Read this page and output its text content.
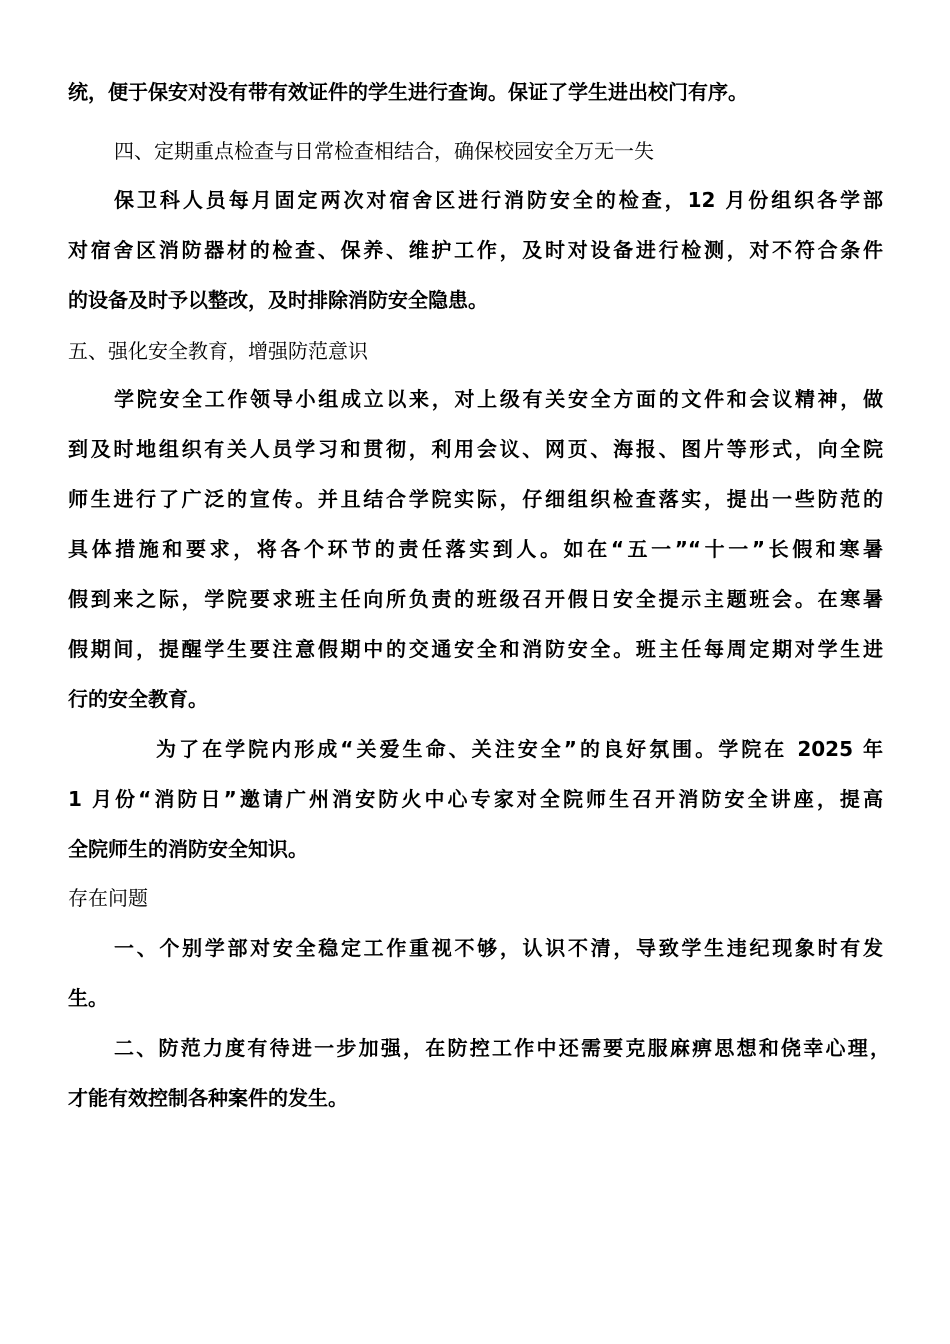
统，便于保安对没有带有效证件的学生进行查询。保证了学生进出校门有序。
四、定期重点检查与日常检查相结合，确保校园安全万无一失
保卫科人员每月固定两次对宿舍区进行消防安全的检查，12 月份组织各学部
对宿舍区消防器材的检查、保养、维护工作，及时对设备进行检测，对不符合条件
的设备及时予以整改，及时排除消防安全隐患。
五、强化安全教育，增强防范意识
学院安全工作领导小组成立以来，对上级有关安全方面的文件和会议精神，做
到及时地组织有关人员学习和贯彻，利用会议、网页、海报、图片等形式，向全院
师生进行了广泛的宣传。并且结合学院实际，仔细组织检查落实，提出一些防范的
具体措施和要求，将各个环节的责任落实到人。如在“五一”“十一”长假和寒暑
假到来之际，学院要求班主任向所负责的班级召开假日安全提示主题班会。在寒暑
假期间，提醒学生要注意假期中的交通安全和消防安全。班主任每周定期对学生进
行的安全教育。
为了在学院内形成“关爱生命、关注安全”的良好氛围。学院在 2025 年
1 月份“消防日”邀请广州消安防火中心专家对全院师生召开消防安全讲座，提高
全院师生的消防安全知识。
存在问题
一、个别学部对安全稳定工作重视不够，认识不清，导致学生违纪现象时有发
生。
二、防范力度有待进一步加强，在防控工作中还需要克服麻痹思想和侥幸心理，
才能有效控制各种案件的发生。
